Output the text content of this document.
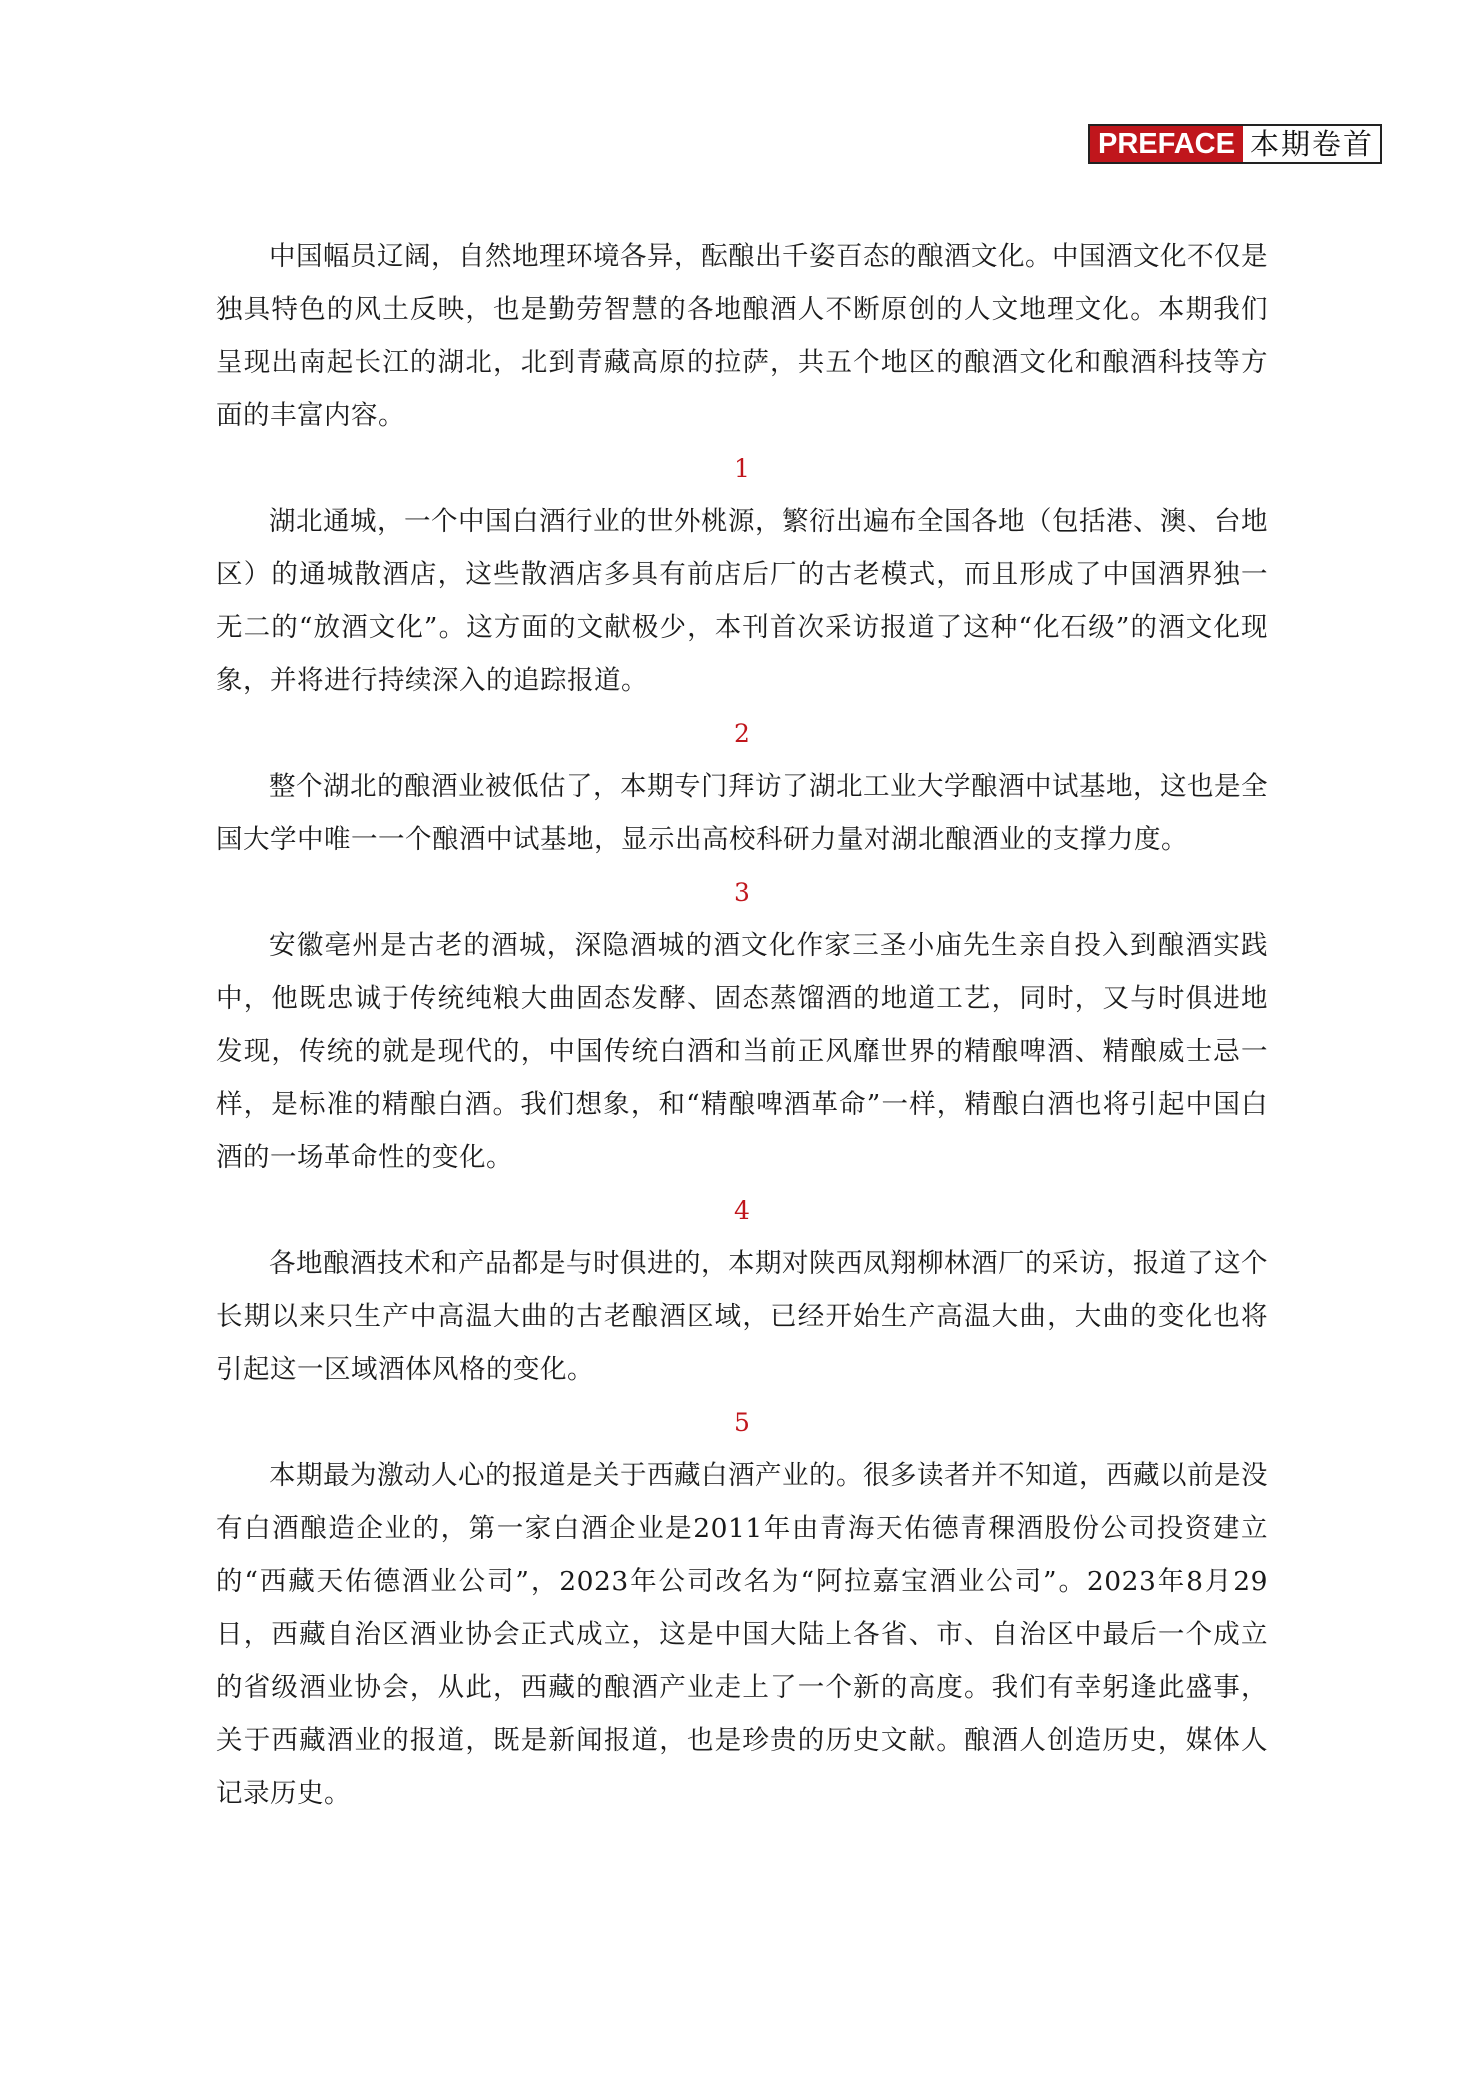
PREFACE 本期卷首

中国幅员辽阔，自然地理环境各异，酝酿出千姿百态的酿酒文化。中国酒文化不仅是独具特色的风土反映，也是勤劳智慧的各地酿酒人不断原创的人文地理文化。本期我们呈现出南起长江的湖北，北到青藏高原的拉萨，共五个地区的酿酒文化和酿酒科技等方面的丰富内容。

1

湖北通城，一个中国白酒行业的世外桃源，繁衍出遍布全国各地（包括港、澳、台地区）的通城散酒店，这些散酒店多具有前店后厂的古老模式，而且形成了中国酒界独一无二的“放酒文化”。这方面的文献极少，本刊首次采访报道了这种“化石级”的酒文化现象，并将进行持续深入的追踪报道。

2

整个湖北的酿酒业被低估了，本期专门拜访了湖北工业大学酿酒中试基地，这也是全国大学中唯一一个酿酒中试基地，显示出高校科研力量对湖北酿酒业的支撑力度。

3

安徽亳州是古老的酒城，深隐酒城的酒文化作家三圣小庙先生亲自投入到酿酒实践中，他既忠诚于传统纯粮大曲固态发酵、固态蒸馏酒的地道工艺，同时，又与时俱进地发现，传统的就是现代的，中国传统白酒和当前正风靡世界的精酿啤酒、精酿威士忌一样，是标准的精酿白酒。我们想象，和“精酿啤酒革命”一样，精酿白酒也将引起中国白酒的一场革命性的变化。

4

各地酿酒技术和产品都是与时俱进的，本期对陕西凤翔柳林酒厂的采访，报道了这个长期以来只生产中高温大曲的古老酿酒区域，已经开始生产高温大曲，大曲的变化也将引起这一区域酒体风格的变化。

5

本期最为激动人心的报道是关于西藏白酒产业的。很多读者并不知道，西藏以前是没有白酒酿造企业的，第一家白酒企业是2011年由青海天佑德青稞酒股份公司投资建立的“西藏天佑德酒业公司”，2023年公司改名为“阿拉嘉宝酒业公司”。2023年8月29日，西藏自治区酒业协会正式成立，这是中国大陆上各省、市、自治区中最后一个成立的省级酒业协会，从此，西藏的酿酒产业走上了一个新的高度。我们有幸躬逢此盛事，关于西藏酒业的报道，既是新闻报道，也是珍贵的历史文献。酿酒人创造历史，媒体人记录历史。
